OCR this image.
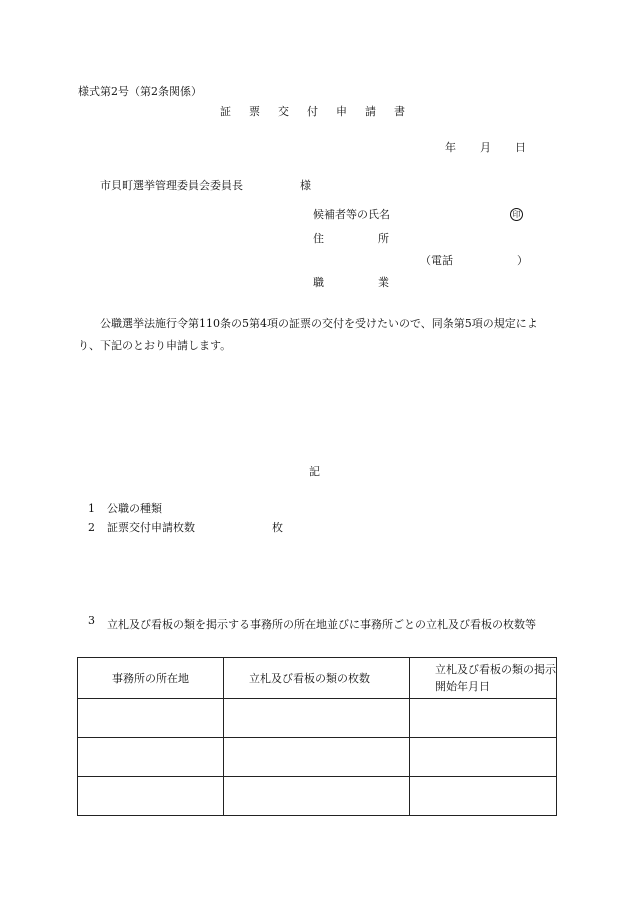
様式第2号（第2条関係）
証票交付申請書
年 月 日
市貝町選挙管理委員会委員長	様
候補者等の氏名	印
住所
（電話	）
職業
公職選挙法施行令第110条の5第4項の証票の交付を受けたいので、同条第5項の規定により、下記のとおり申請します。
記
1 公職の種類
2 証票交付申請枚数	枚
3	立札及び看板の類を掲示する事務所の所在地並びに事務所ごとの立札及び看板の枚数等
事務所の所在地	立札及び看板の類の枚数	立札及び看板の類の掲示開始年月日
